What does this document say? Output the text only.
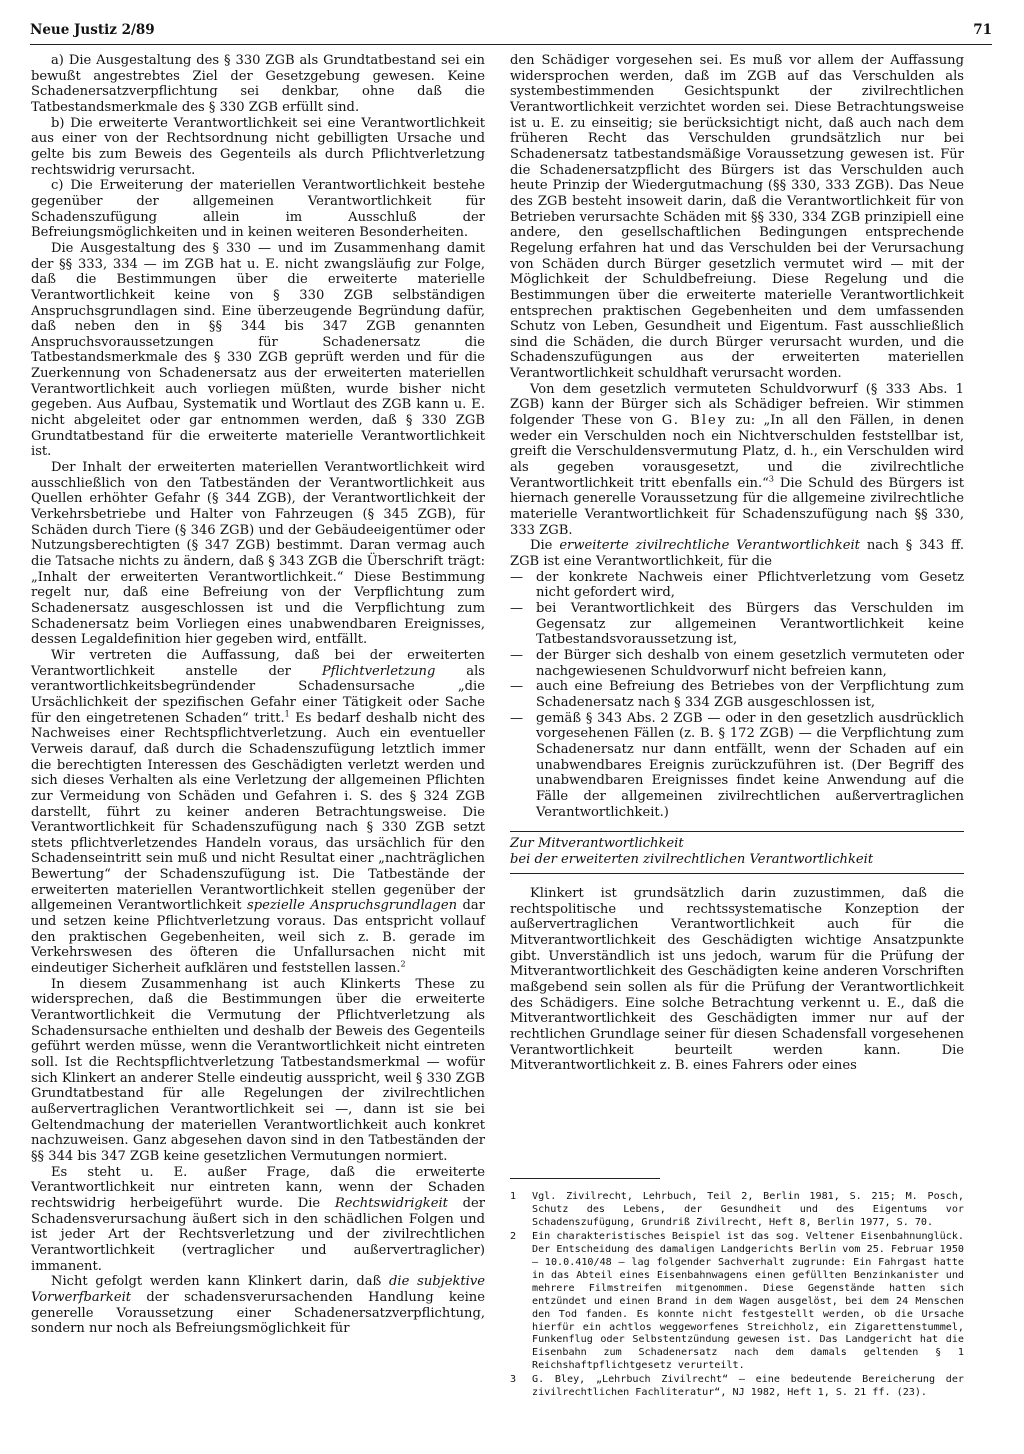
Neue Justiz 2/89	71

a) Die Ausgestaltung des § 330 ZGB als Grundtatbestand sei ein bewußt angestrebtes Ziel der Gesetzgebung gewesen. Keine Schadenersatzverpflichtung sei denkbar, ohne daß die Tatbestandsmerkmale des § 330 ZGB erfüllt sind.

b) Die erweiterte Verantwortlichkeit sei eine Verantwortlichkeit aus einer von der Rechtsordnung nicht gebilligten Ursache und gelte bis zum Beweis des Gegenteils als durch Pflichtverletzung rechtswidrig verursacht.

c) Die Erweiterung der materiellen Verantwortlichkeit bestehe gegenüber der allgemeinen Verantwortlichkeit für Schadenszufügung allein im Ausschluß der Befreiungsmöglichkeiten und in keinen weiteren Besonderheiten.

Die Ausgestaltung des § 330 — und im Zusammenhang damit der §§ 333, 334 — im ZGB hat u. E. nicht zwangsläufig zur Folge, daß die Bestimmungen über die erweiterte materielle Verantwortlichkeit keine von § 330 ZGB selbständigen Anspruchsgrundlagen sind. Eine überzeugende Begründung dafür, daß neben den in §§ 344 bis 347 ZGB genannten Anspruchsvoraussetzungen für Schadenersatz die Tatbestandsmerkmale des § 330 ZGB geprüft werden und für die Zuerkennung von Schadenersatz aus der erweiterten materiellen Verantwortlichkeit auch vorliegen müßten, wurde bisher nicht gegeben. Aus Aufbau, Systematik und Wortlaut des ZGB kann u. E. nicht abgeleitet oder gar entnommen werden, daß § 330 ZGB Grundtatbestand für die erweiterte materielle Verantwortlichkeit ist.

Der Inhalt der erweiterten materiellen Verantwortlichkeit wird ausschließlich von den Tatbeständen der Verantwortlichkeit aus Quellen erhöhter Gefahr (§ 344 ZGB), der Verantwortlichkeit der Verkehrsbetriebe und Halter von Fahrzeugen (§ 345 ZGB), für Schäden durch Tiere (§ 346 ZGB) und der Gebäudeeigentümer oder Nutzungsberechtigten (§ 347 ZGB) bestimmt. Daran vermag auch die Tatsache nichts zu ändern, daß § 343 ZGB die Überschrift trägt: „Inhalt der erweiterten Verantwortlichkeit.“ Diese Bestimmung regelt nur, daß eine Befreiung von der Verpflichtung zum Schadenersatz ausgeschlossen ist und die Verpflichtung zum Schadenersatz beim Vorliegen eines unabwendbaren Ereignisses, dessen Legaldefinition hier gegeben wird, entfällt.

Wir vertreten die Auffassung, daß bei der erweiterten Verantwortlichkeit anstelle der Pflichtverletzung als verantwortlichkeitsbegründender Schadensursache „die Ursächlichkeit der spezifischen Gefahr einer Tätigkeit oder Sache für den eingetretenen Schaden“ tritt.$^1$ Es bedarf deshalb nicht des Nachweises einer Rechtspflichtverletzung. Auch ein eventueller Verweis darauf, daß durch die Schadenszufügung letztlich immer die berechtigten Interessen des Geschädigten verletzt werden und sich dieses Verhalten als eine Verletzung der allgemeinen Pflichten zur Vermeidung von Schäden und Gefahren i. S. des § 324 ZGB darstellt, führt zu keiner anderen Betrachtungsweise. Die Verantwortlichkeit für Schadenszufügung nach § 330 ZGB setzt stets pflichtverletzendes Handeln voraus, das ursächlich für den Schadenseintritt sein muß und nicht Resultat einer „nachträglichen Bewertung“ der Schadenszufügung ist. Die Tatbestände der erweiterten materiellen Verantwortlichkeit stellen gegenüber der allgemeinen Verantwortlichkeit spezielle Anspruchsgrundlagen dar und setzen keine Pflichtverletzung voraus. Das entspricht vollauf den praktischen Gegebenheiten, weil sich z. B. gerade im Verkehrswesen des öfteren die Unfallursachen nicht mit eindeutiger Sicherheit aufklären und feststellen lassen.$^2$

In diesem Zusammenhang ist auch Klinkerts These zu widersprechen, daß die Bestimmungen über die erweiterte Verantwortlichkeit die Vermutung der Pflichtverletzung als Schadensursache enthielten und deshalb der Beweis des Gegenteils geführt werden müsse, wenn die Verantwortlichkeit nicht eintreten soll. Ist die Rechtspflichtverletzung Tatbestandsmerkmal — wofür sich Klinkert an anderer Stelle eindeutig ausspricht, weil § 330 ZGB Grundtatbestand für alle Regelungen der zivilrechtlichen außervertraglichen Verantwortlichkeit sei —, dann ist sie bei Geltendmachung der materiellen Verantwortlichkeit auch konkret nachzuweisen. Ganz abgesehen davon sind in den Tatbeständen der §§ 344 bis 347 ZGB keine gesetzlichen Vermutungen normiert.

Es steht u. E. außer Frage, daß die erweiterte Verantwortlichkeit nur eintreten kann, wenn der Schaden rechtswidrig herbeigeführt wurde. Die Rechtswidrigkeit der Schadensverursachung äußert sich in den schädlichen Folgen und ist jeder Art der Rechtsverletzung und der zivilrechtlichen Verantwortlichkeit (vertraglicher und außervertraglicher) immanent.

Nicht gefolgt werden kann Klinkert darin, daß die subjektive Vorwerfbarkeit der schadensverursachenden Handlung keine generelle Voraussetzung einer Schadenersatzverpflichtung, sondern nur noch als Befreiungsmöglichkeit für

den Schädiger vorgesehen sei. Es muß vor allem der Auffassung widersprochen werden, daß im ZGB auf das Verschulden als systembestimmenden Gesichtspunkt der zivilrechtlichen Verantwortlichkeit verzichtet worden sei. Diese Betrachtungsweise ist u. E. zu einseitig; sie berücksichtigt nicht, daß auch nach dem früheren Recht das Verschulden grundsätzlich nur bei Schadenersatz tatbestandsmäßige Voraussetzung gewesen ist. Für die Schadenersatzpflicht des Bürgers ist das Verschulden auch heute Prinzip der Wiedergutmachung (§§ 330, 333 ZGB). Das Neue des ZGB besteht insoweit darin, daß die Verantwortlichkeit für von Betrieben verursachte Schäden mit §§ 330, 334 ZGB prinzipiell eine andere, den gesellschaftlichen Bedingungen entsprechende Regelung erfahren hat und das Verschulden bei der Verursachung von Schäden durch Bürger gesetzlich vermutet wird — mit der Möglichkeit der Schuldbefreiung. Diese Regelung und die Bestimmungen über die erweiterte materielle Verantwortlichkeit entsprechen praktischen Gegebenheiten und dem umfassenden Schutz von Leben, Gesundheit und Eigentum. Fast ausschließlich sind die Schäden, die durch Bürger verursacht wurden, und die Schadenszufügungen aus der erweiterten materiellen Verantwortlichkeit schuldhaft verursacht worden.

Von dem gesetzlich vermuteten Schuldvorwurf (§ 333 Abs. 1 ZGB) kann der Bürger sich als Schädiger befreien. Wir stimmen folgender These von G. Bley zu: „In all den Fällen, in denen weder ein Verschulden noch ein Nichtverschulden feststellbar ist, greift die Verschuldensvermutung Platz, d. h., ein Verschulden wird als gegeben vorausgesetzt, und die zivilrechtliche Verantwortlichkeit tritt ebenfalls ein.“$^3$ Die Schuld des Bürgers ist hiernach generelle Voraussetzung für die allgemeine zivilrechtliche materielle Verantwortlichkeit für Schadenszufügung nach §§ 330, 333 ZGB.

Die erweiterte zivilrechtliche Verantwortlichkeit nach § 343 ff. ZGB ist eine Verantwortlichkeit, für die

— der konkrete Nachweis einer Pflichtverletzung vom Gesetz nicht gefordert wird,
— bei Verantwortlichkeit des Bürgers das Verschulden im Gegensatz zur allgemeinen Verantwortlichkeit keine Tatbestandsvoraussetzung ist,
— der Bürger sich deshalb von einem gesetzlich vermuteten oder nachgewiesenen Schuldvorwurf nicht befreien kann,
— auch eine Befreiung des Betriebes von der Verpflichtung zum Schadenersatz nach § 334 ZGB ausgeschlossen ist,
— gemäß § 343 Abs. 2 ZGB — oder in den gesetzlich ausdrücklich vorgesehenen Fällen (z. B. § 172 ZGB) — die Verpflichtung zum Schadenersatz nur dann entfällt, wenn der Schaden auf ein unabwendbares Ereignis zurückzuführen ist. (Der Begriff des unabwendbaren Ereignisses findet keine Anwendung auf die Fälle der allgemeinen zivilrechtlichen außervertraglichen Verantwortlichkeit.)
Zur Mitverantwortlichkeit
bei der erweiterten zivilrechtlichen Verantwortlichkeit

Klinkert ist grundsätzlich darin zuzustimmen, daß die rechtspolitische und rechtssystematische Konzeption der außervertraglichen Verantwortlichkeit auch für die Mitverantwortlichkeit des Geschädigten wichtige Ansatzpunkte gibt. Unverständlich ist uns jedoch, warum für die Prüfung der Mitverantwortlichkeit des Geschädigten keine anderen Vorschriften maßgebend sein sollen als für die Prüfung der Verantwortlichkeit des Schädigers. Eine solche Betrachtung verkennt u. E., daß die Mitverantwortlichkeit des Geschädigten immer nur auf der rechtlichen Grundlage seiner für diesen Schadensfall vorgesehenen Verantwortlichkeit beurteilt werden kann. Die Mitverantwortlichkeit z. B. eines Fahrers oder eines

1	Vgl. Zivilrecht, Lehrbuch, Teil 2, Berlin 1981, S. 215; M. Posch, Schutz des Lebens, der Gesundheit und des Eigentums vor Schadenszufügung, Grundriß Zivilrecht, Heft 8, Berlin 1977, S. 70.
2	Ein charakteristisches Beispiel ist das sog. Veltener Eisenbahnunglück. Der Entscheidung des damaligen Landgerichts Berlin vom 25. Februar 1950 — 10.0.410/48 — lag folgender Sachverhalt zugrunde: Ein Fahrgast hatte in das Abteil eines Eisenbahnwagens einen gefüllten Benzinkanister und mehrere Filmstreifen mitgenommen. Diese Gegenstände hatten sich entzündet und einen Brand in dem Wagen ausgelöst, bei dem 24 Menschen den Tod fanden. Es konnte nicht festgestellt werden, ob die Ursache hierfür ein achtlos weggeworfenes Streichholz, ein Zigarettenstummel, Funkenflug oder Selbstentzündung gewesen ist. Das Landgericht hat die Eisenbahn zum Schadenersatz nach dem damals geltenden § 1 Reichshaftpflichtgesetz verurteilt.
3	G. Bley, „Lehrbuch Zivilrecht“ — eine bedeutende Bereicherung der zivilrechtlichen Fachliteratur“, NJ 1982, Heft 1, S. 21 ff. (23).
